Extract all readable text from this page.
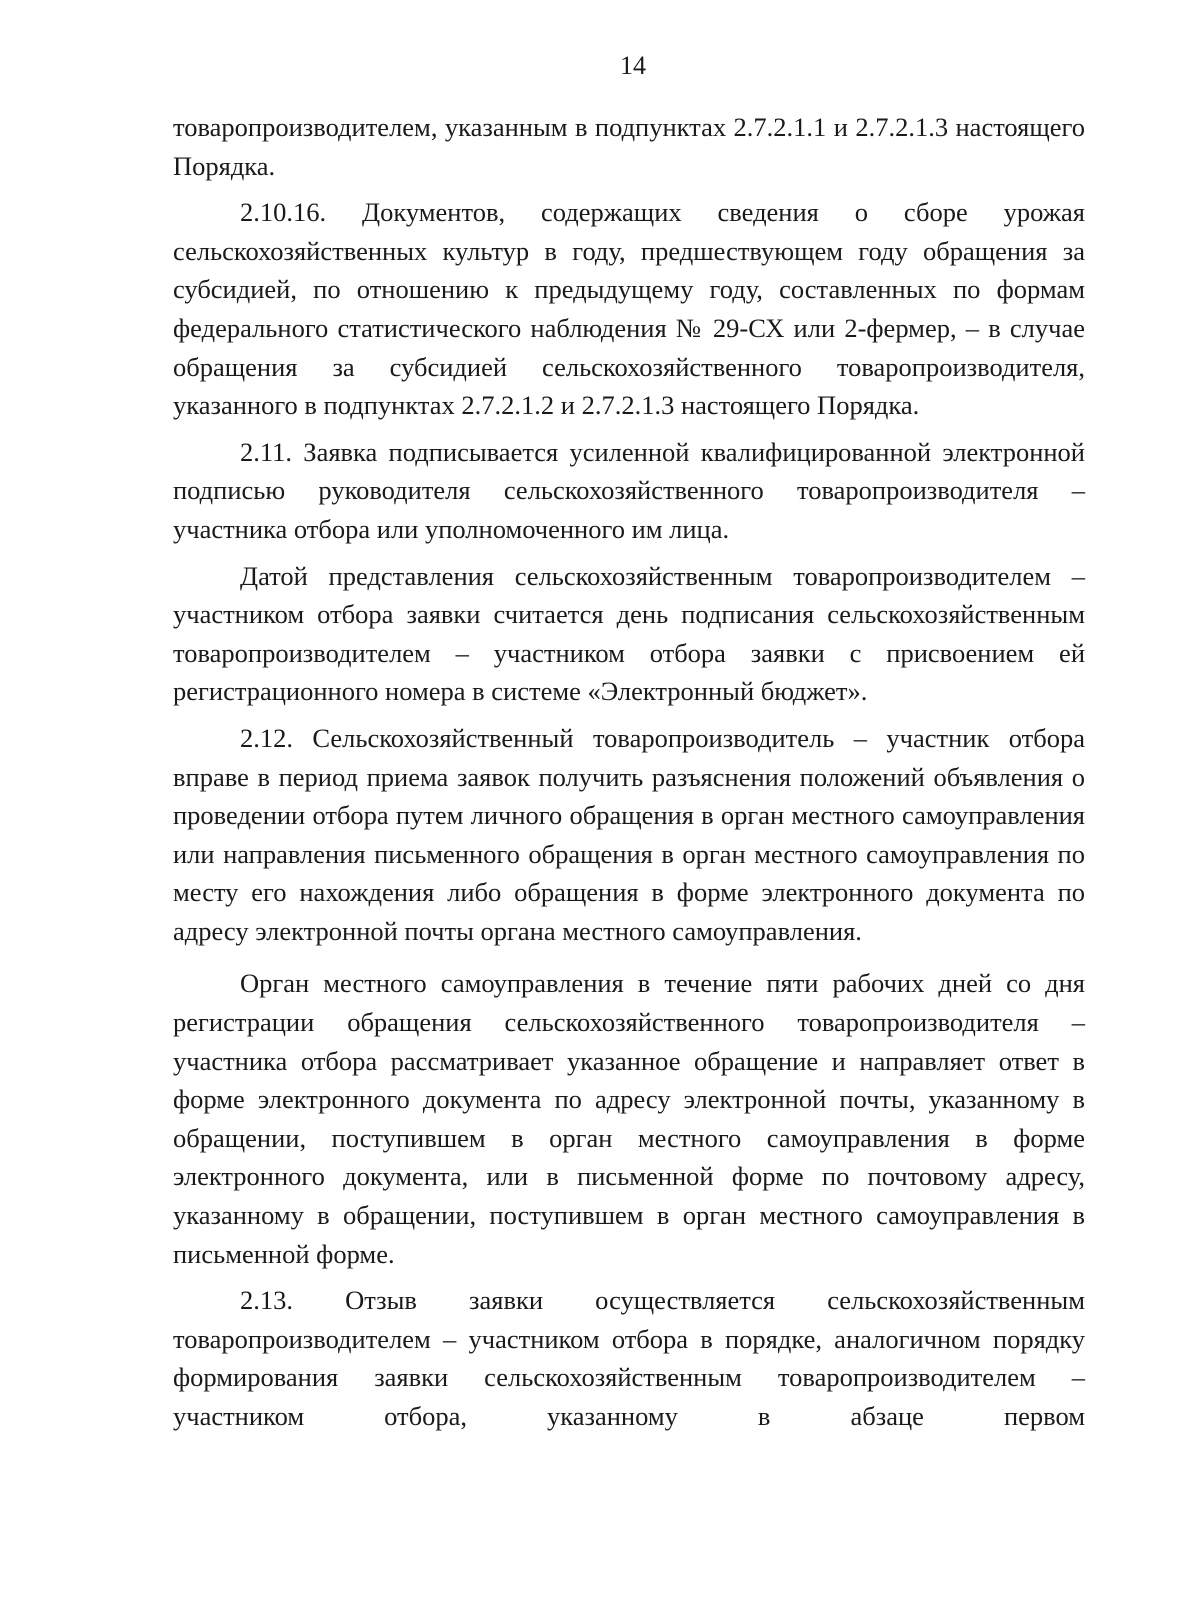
14

товаропроизводителем, указанным в подпунктах 2.7.2.1.1 и 2.7.2.1.3 настоящего Порядка.

2.10.16. Документов, содержащих сведения о сборе урожая сельскохозяйственных культур в году, предшествующем году обращения за субсидией, по отношению к предыдущему году, составленных по формам федерального статистического наблюдения № 29-СХ или 2-фермер, – в случае обращения за субсидией сельскохозяйственного товаропроизводителя, указанного в подпунктах 2.7.2.1.2 и 2.7.2.1.3 настоящего Порядка.

2.11. Заявка подписывается усиленной квалифицированной электронной подписью руководителя сельскохозяйственного товаропроизводителя – участника отбора или уполномоченного им лица.

Датой представления сельскохозяйственным товаропроизводителем – участником отбора заявки считается день подписания сельскохозяйственным товаропроизводителем – участником отбора заявки с присвоением ей регистрационного номера в системе «Электронный бюджет».

2.12. Сельскохозяйственный товаропроизводитель – участник отбора вправе в период приема заявок получить разъяснения положений объявления о проведении отбора путем личного обращения в орган местного самоуправления или направления письменного обращения в орган местного самоуправления по месту его нахождения либо обращения в форме электронного документа по адресу электронной почты органа местного самоуправления.

Орган местного самоуправления в течение пяти рабочих дней со дня регистрации обращения сельскохозяйственного товаропроизводителя – участника отбора рассматривает указанное обращение и направляет ответ в форме электронного документа по адресу электронной почты, указанному в обращении, поступившем в орган местного самоуправления в форме электронного документа, или в письменной форме по почтовому адресу, указанному в обращении, поступившем в орган местного самоуправления в письменной форме.

2.13. Отзыв заявки осуществляется сельскохозяйственным товаропроизводителем – участником отбора в порядке, аналогичном порядку формирования заявки сельскохозяйственным товаропроизводителем – участником отбора, указанному в абзаце первом
